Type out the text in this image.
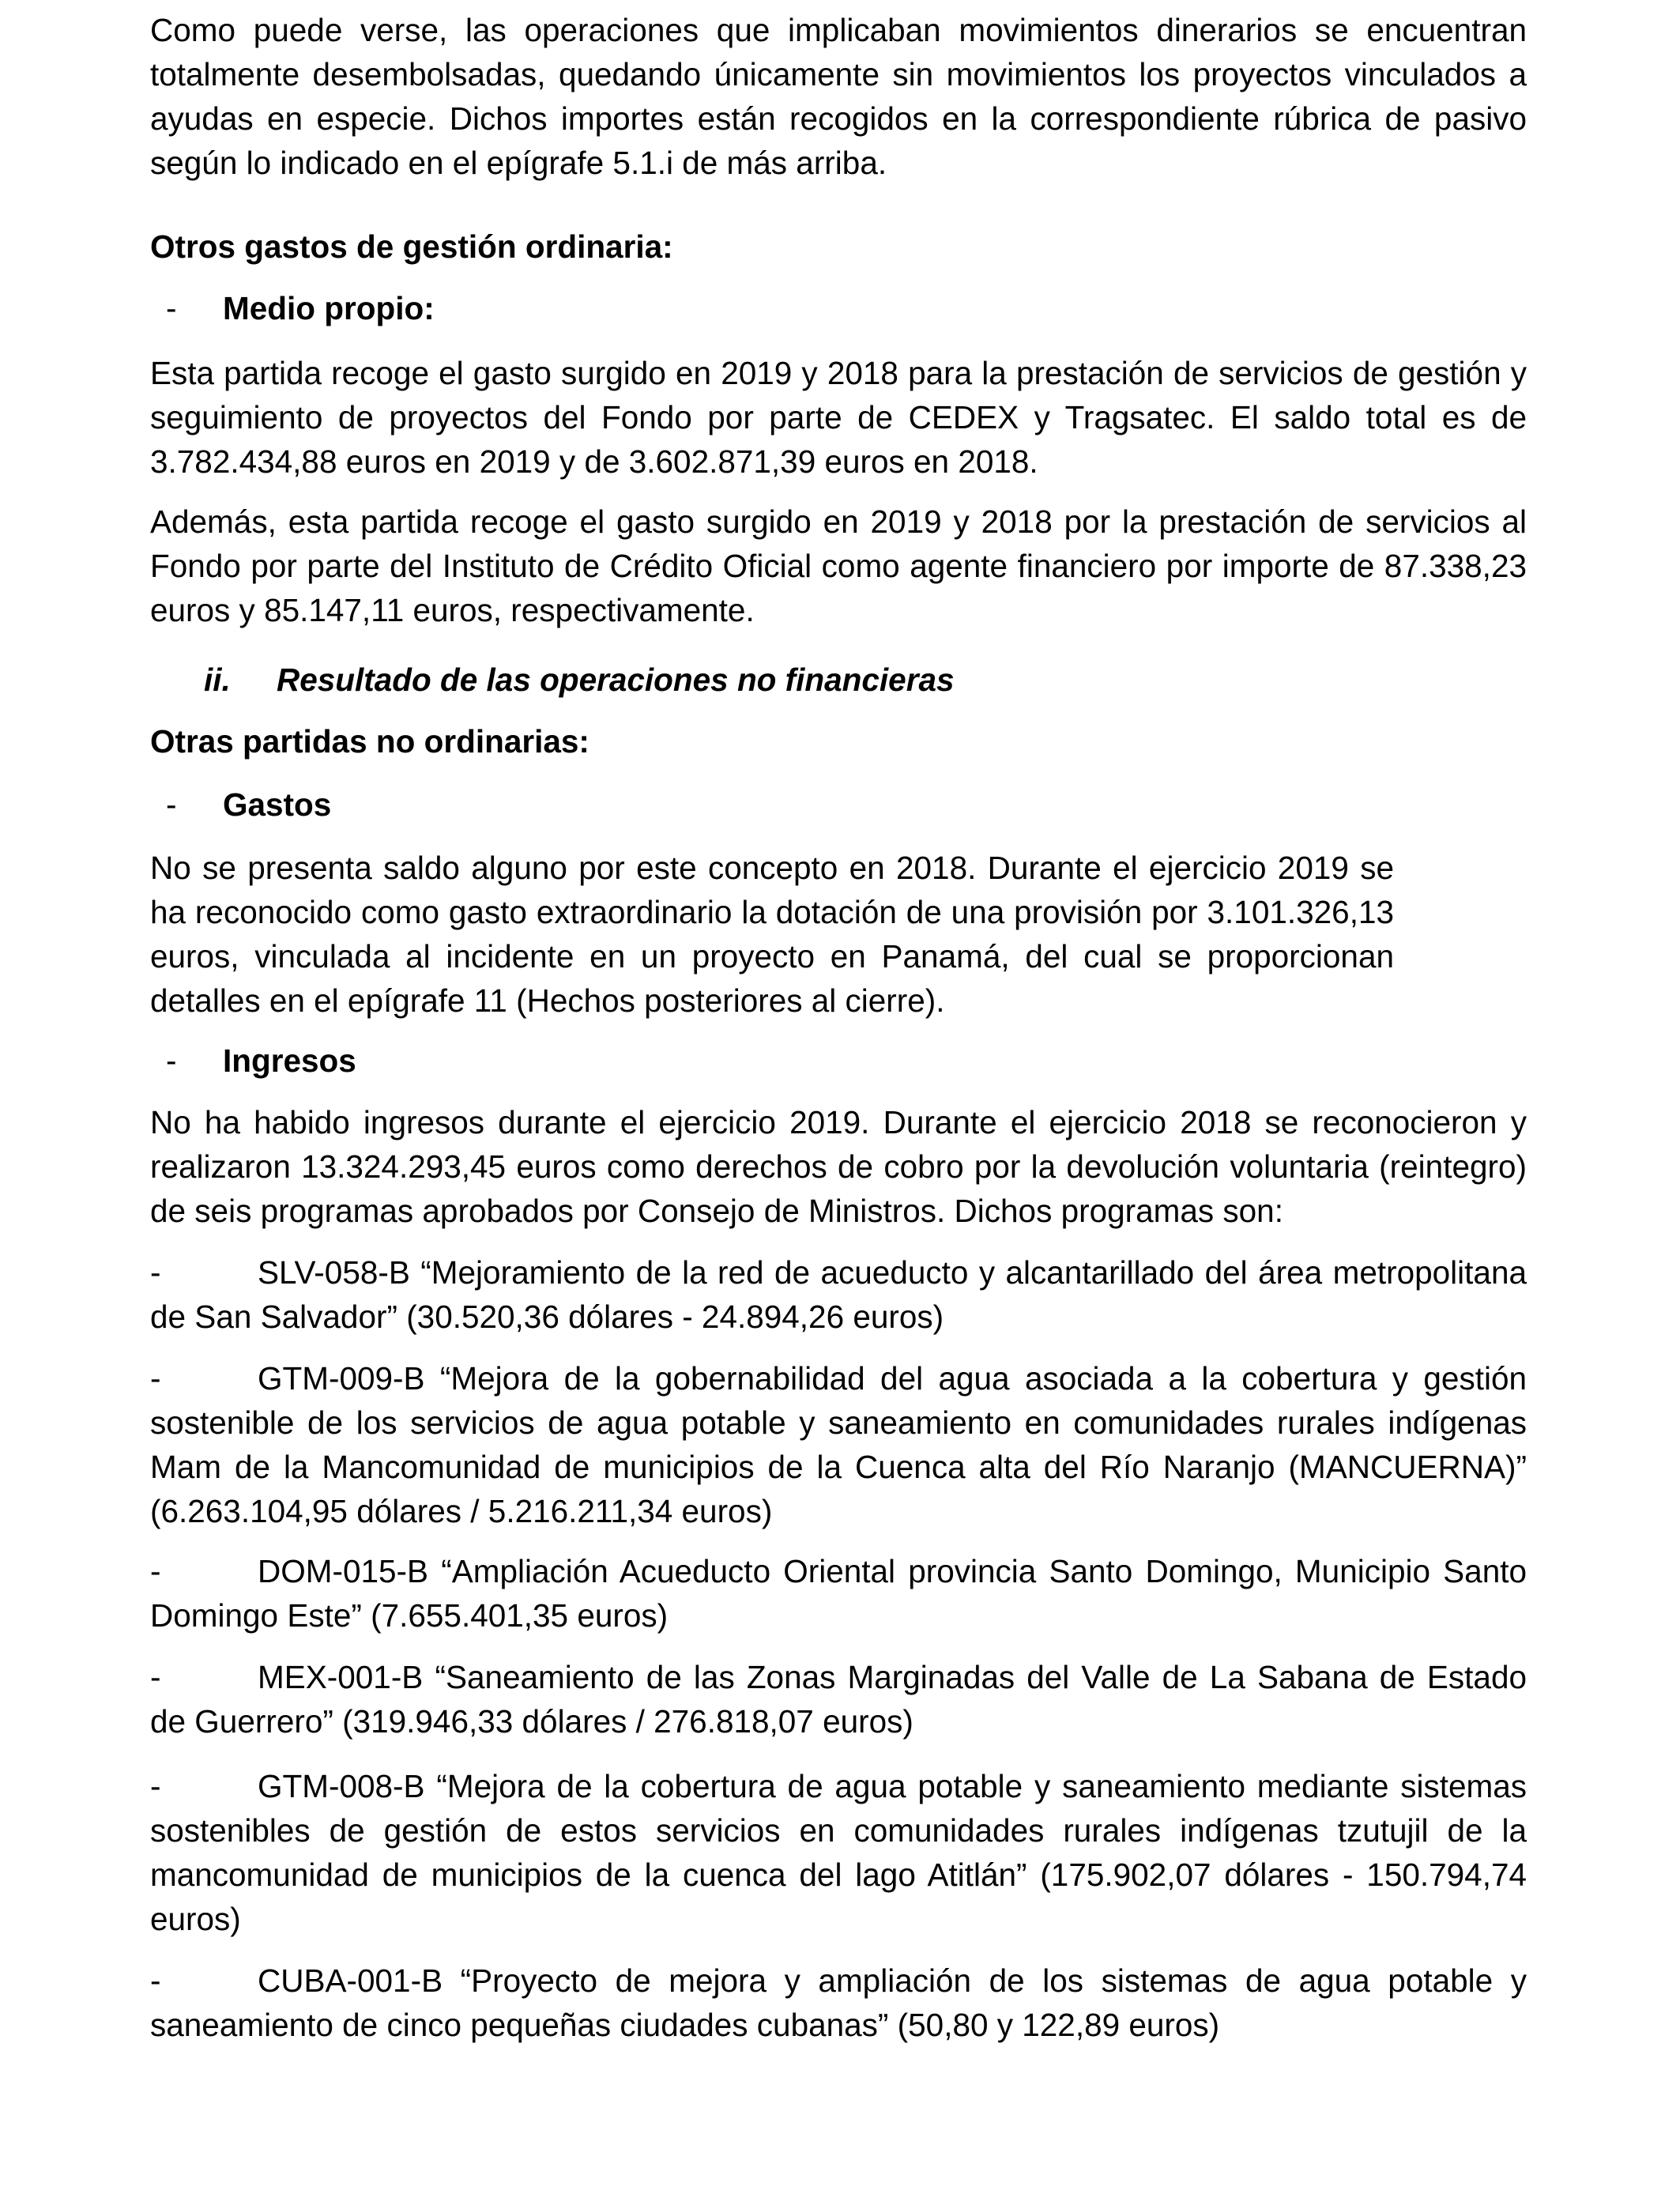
Como puede verse, las operaciones que implicaban movimientos dinerarios se encuentran totalmente desembolsadas, quedando únicamente sin movimientos los proyectos vinculados a ayudas en especie. Dichos importes están recogidos en la correspondiente rúbrica de pasivo según lo indicado en el epígrafe 5.1.i de más arriba.

Otros gastos de gestión ordinaria:

- Medio propio:

Esta partida recoge el gasto surgido en 2019 y 2018 para la prestación de servicios de gestión y seguimiento de proyectos del Fondo por parte de CEDEX y Tragsatec. El saldo total es de 3.782.434,88 euros en 2019 y de 3.602.871,39 euros en 2018.

Además, esta partida recoge el gasto surgido en 2019 y 2018 por la prestación de servicios al Fondo por parte del Instituto de Crédito Oficial como agente financiero por importe de 87.338,23 euros y 85.147,11 euros, respectivamente.

ii. Resultado de las operaciones no financieras

Otras partidas no ordinarias:

- Gastos

No se presenta saldo alguno por este concepto en 2018. Durante el ejercicio 2019 se ha reconocido como gasto extraordinario la dotación de una provisión por 3.101.326,13 euros, vinculada al incidente en un proyecto en Panamá, del cual se proporcionan detalles en el epígrafe 11 (Hechos posteriores al cierre).

- Ingresos

No ha habido ingresos durante el ejercicio 2019. Durante el ejercicio 2018 se reconocieron y realizaron 13.324.293,45 euros como derechos de cobro por la devolución voluntaria (reintegro) de seis programas aprobados por Consejo de Ministros. Dichos programas son:

-	SLV-058-B “Mejoramiento de la red de acueducto y alcantarillado del área metropolitana de San Salvador” (30.520,36 dólares - 24.894,26 euros)

-	GTM-009-B “Mejora de la gobernabilidad del agua asociada a la cobertura y gestión sostenible de los servicios de agua potable y saneamiento en comunidades rurales indígenas Mam de la Mancomunidad de municipios de la Cuenca alta del Río Naranjo (MANCUERNA)” (6.263.104,95 dólares / 5.216.211,34 euros)

-	DOM-015-B “Ampliación Acueducto Oriental provincia Santo Domingo, Municipio Santo Domingo Este” (7.655.401,35 euros)

-	MEX-001-B “Saneamiento de las Zonas Marginadas del Valle de La Sabana de Estado de Guerrero” (319.946,33 dólares / 276.818,07 euros)

-	GTM-008-B “Mejora de la cobertura de agua potable y saneamiento mediante sistemas sostenibles de gestión de estos servicios en comunidades rurales indígenas tzutujil de la mancomunidad de municipios de la cuenca del lago Atitlán” (175.902,07 dólares - 150.794,74 euros)

-	CUBA-001-B “Proyecto de mejora y ampliación de los sistemas de agua potable y saneamiento de cinco pequeñas ciudades cubanas” (50,80 y 122,89 euros)
